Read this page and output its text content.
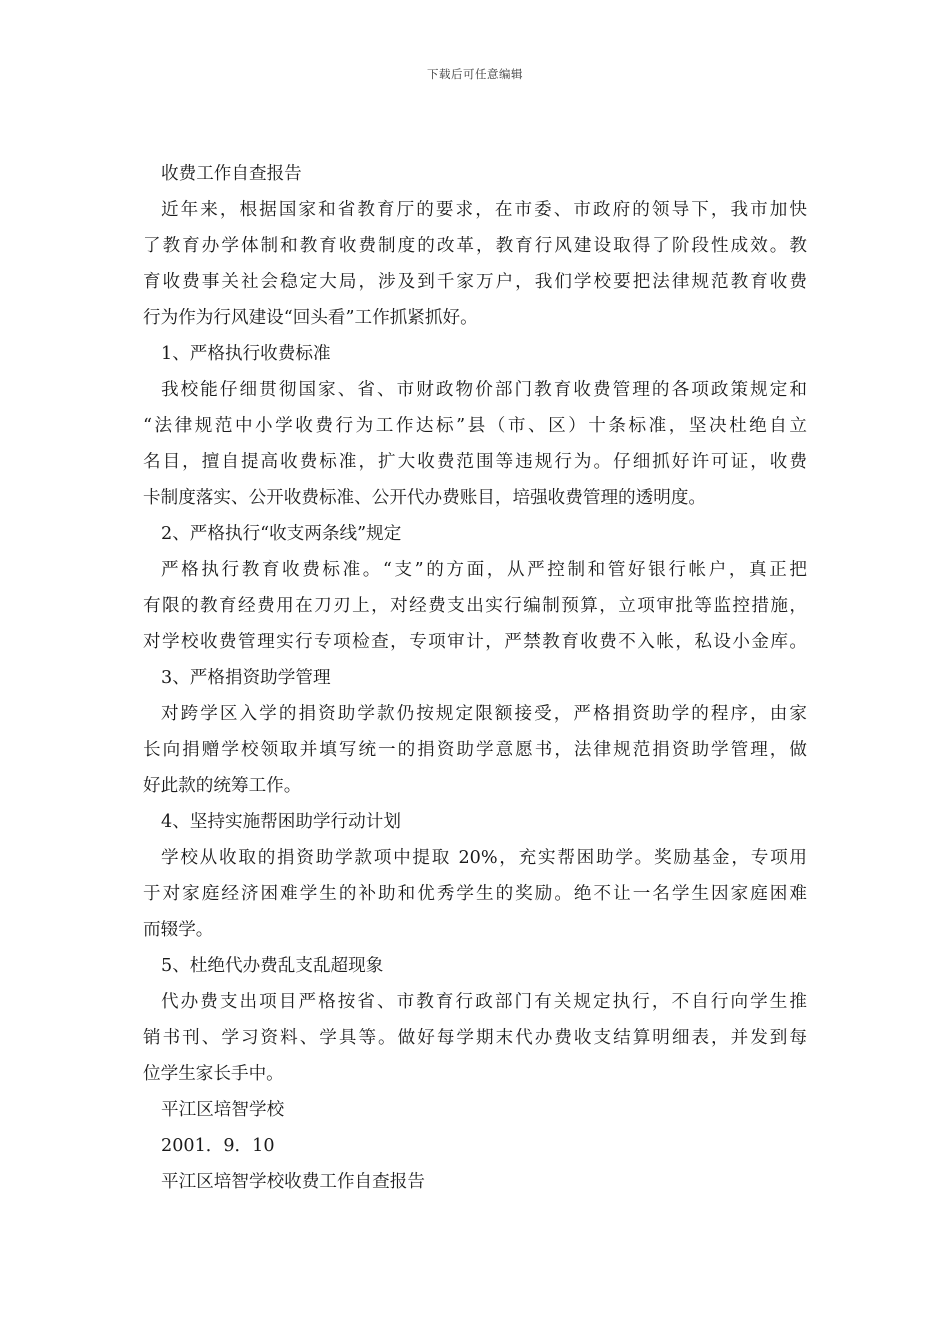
下载后可任意编辑
收费工作自查报告
近年来，根据国家和省教育厅的要求，在市委、市政府的领导下，我市加快
了教育办学体制和教育收费制度的改革，教育行风建设取得了阶段性成效。教
育收费事关社会稳定大局，涉及到千家万户，我们学校要把法律规范教育收费
行为作为行风建设“回头看”工作抓紧抓好。
1、严格执行收费标准
我校能仔细贯彻国家、省、市财政物价部门教育收费管理的各项政策规定和
“法律规范中小学收费行为工作达标”县（市、区）十条标准，坚决杜绝自立
名目，擅自提高收费标准，扩大收费范围等违规行为。仔细抓好许可证，收费
卡制度落实、公开收费标准、公开代办费账目，培强收费管理的透明度。
2、严格执行“收支两条线”规定
严格执行教育收费标准。“支”的方面，从严控制和管好银行帐户，真正把
有限的教育经费用在刀刃上，对经费支出实行编制预算，立项审批等监控措施，
对学校收费管理实行专项检查，专项审计，严禁教育收费不入帐，私设小金库。
3、严格捐资助学管理
对跨学区入学的捐资助学款仍按规定限额接受，严格捐资助学的程序，由家
长向捐赠学校领取并填写统一的捐资助学意愿书，法律规范捐资助学管理，做
好此款的统筹工作。
4、坚持实施帮困助学行动计划
学校从收取的捐资助学款项中提取 20%，充实帮困助学。奖励基金，专项用
于对家庭经济困难学生的补助和优秀学生的奖励。绝不让一名学生因家庭困难
而辍学。
5、杜绝代办费乱支乱超现象
代办费支出项目严格按省、市教育行政部门有关规定执行，不自行向学生推
销书刊、学习资料、学具等。做好每学期末代办费收支结算明细表，并发到每
位学生家长手中。
平江区培智学校
2001．9．10
平江区培智学校收费工作自查报告
